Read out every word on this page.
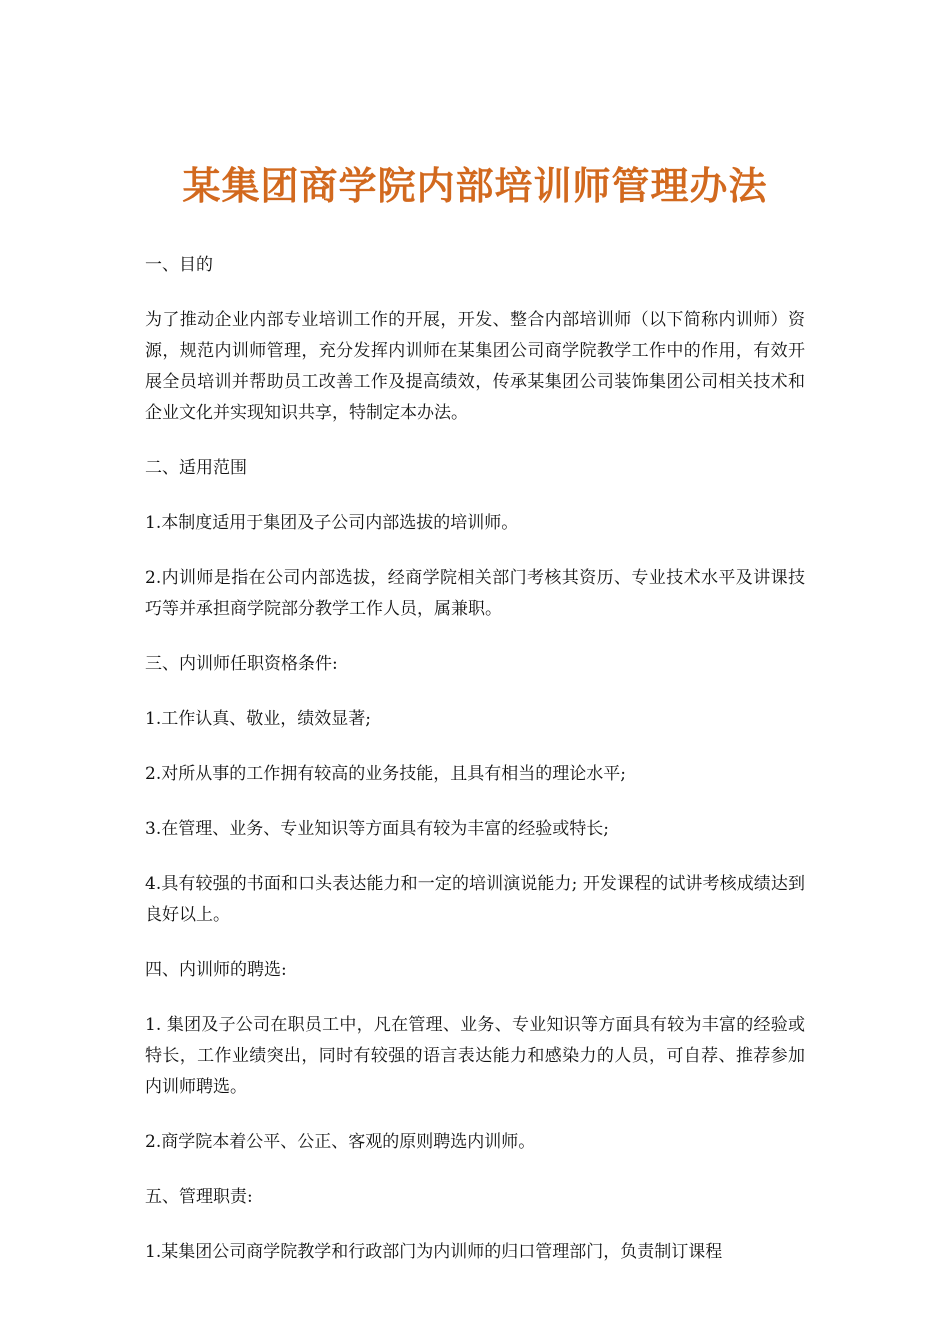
某集团商学院内部培训师管理办法

一、目的

为了推动企业内部专业培训工作的开展，开发、整合内部培训师（以下简称内训师）资源，规范内训师管理，充分发挥内训师在某集团公司商学院教学工作中的作用，有效开展全员培训并帮助员工改善工作及提高绩效，传承某集团公司装饰集团公司相关技术和企业文化并实现知识共享，特制定本办法。

二、适用范围

1.本制度适用于集团及子公司内部选拔的培训师。

2.内训师是指在公司内部选拔，经商学院相关部门考核其资历、专业技术水平及讲课技巧等并承担商学院部分教学工作人员，属兼职。

三、内训师任职资格条件:

1.工作认真、敬业，绩效显著;

2.对所从事的工作拥有较高的业务技能，且具有相当的理论水平;

3.在管理、业务、专业知识等方面具有较为丰富的经验或特长;

4.具有较强的书面和口头表达能力和一定的培训演说能力; 开发课程的试讲考核成绩达到良好以上。

四、内训师的聘选:

1. 集团及子公司在职员工中，凡在管理、业务、专业知识等方面具有较为丰富的经验或特长，工作业绩突出，同时有较强的语言表达能力和感染力的人员，可自荐、推荐参加内训师聘选。

2.商学院本着公平、公正、客观的原则聘选内训师。

五、管理职责:

1.某集团公司商学院教学和行政部门为内训师的归口管理部门，负责制订课程
